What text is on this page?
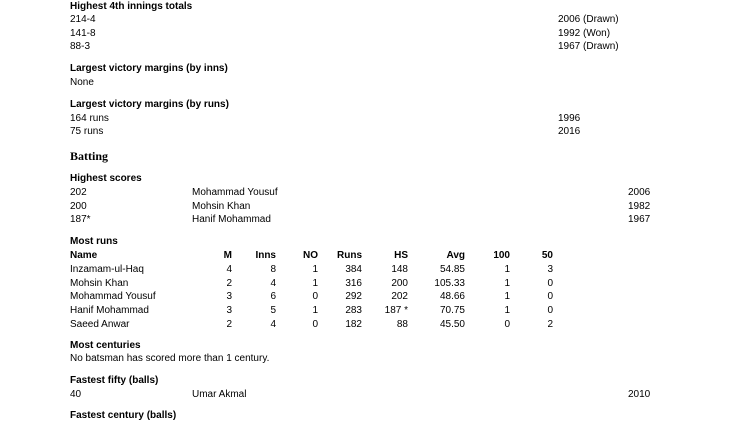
Highest 4th innings totals
214-4	2006 (Drawn)
141-8	1992 (Won)
88-3	1967 (Drawn)
Largest victory margins (by inns)
None
Largest victory margins (by runs)
164 runs	1996
75 runs	2016
Batting
Highest scores
202	Mohammad Yousuf	2006
200	Mohsin Khan	1982
187*	Hanif Mohammad	1967
Most runs
Name	M	Inns	NO	Runs	HS	Avg	100	50
Inzamam-ul-Haq	4	8	1	384	148	54.85	1	3
Mohsin Khan	2	4	1	316	200	105.33	1	0
Mohammad Yousuf	3	6	0	292	202	48.66	1	0
Hanif Mohammad	3	5	1	283	187 *	70.75	1	0
Saeed Anwar	2	4	0	182	88	45.50	0	2
Most centuries
No batsman has scored more than 1 century.
Fastest fifty (balls)
40	Umar Akmal	2010
Fastest century (balls)
